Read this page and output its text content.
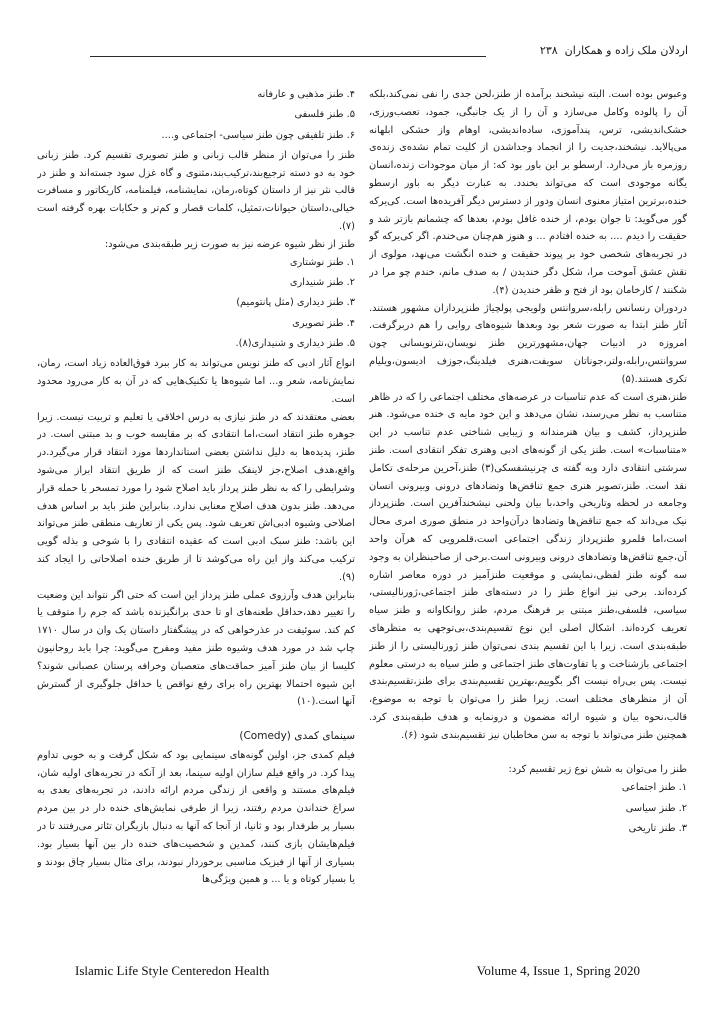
۲۳۸ اردلان ملک زاده و همکاران

وعبوس بوده است. البته نیشخند برآمده از طنز،لحن جدی را نفی نمی‌کند،بلکه آن را پالوده وکامل می‌سازد و آن را از یک جانبگی، جمود، تعصب‌ورزی، خشک‌اندیشی، ترس، پندآموزی، ساده‌اندیشی، اوهام واز خشکی ابلهانه می‌پالاید. نیشخند،جدیت را از انجماد وجداشدن از کلیت تمام نشده‌ی زنده‌ی روزمره باز می‌دارد. ارسطو بر این باور بود که: از میان موجودات زنده،انسان یگانه موجودی است که می‌تواند بخندد. به عبارت دیگر به باور ارسطو خنده،برترین امتیاز معنوی انسان ودور از دسترس دیگر آفریده‌ها است. کی‌یرکه گور می‌گوید: تا جوان بودم، از خنده غافل بودم، بعدها که چشمانم بازتر شد و حقیقت را دیدم .... به خنده افتادم ... و هنوز هم‌چنان می‌خندم. اگر کی‌یرکه گو در تجربه‌های شخصی خود بر پیوند حقیقت و خنده انگشت می‌نهد، مولوی از نقش عشق آموخت مرا، شکل دگر خندیدن / به صدف مانم، خندم چو مرا در شکنند / کارخامان بود از فتح و ظفر خندیدن (۴).

دردوران رنسانس رابله،سروانتس ولویجی پولچیاژ طنزپردازان مشهور هستند. آثار طنز ابتدا به صورت شعر بود وبعدها شیوه‌های روایی را هم دربرگرفت. امروزه در ادبیات جهان،مشهورترین طنز نویسان،نثرنویسانی چون سروانتس،رابله،ولتر،جوناتان سویفت،هنری فیلدینگ،جوزف ادیسون،ویلیام تکری هستند.(۵)

طنز،هنری است که عدم تناسبات در عرصه‌های مختلف اجتماعی را که در ظاهر متناسب به نظر می‌رسند، نشان می‌دهد و این خود مایه ی خنده می‌شود. هنر طنزپرداز، کشف و بیان هنرمندانه و زیبایی شناختی عدم تناسب در این «متناسبات» است. طنز یکی از گونه‌های ادبی وهنری تفکر انتقادی است. طنز سرشتی انتقادی دارد وبه گفته ی چرنیشفسکی(۳) طنز،آخرین مرحله‌ی تکامل نقد است. طنز،تصویر هنری جمع تناقض‌ها وتضادهای درونی وبیرونی انسان وجامعه در لحظه وتاریخی واحد،با بیان ولحنی نیشخندآفرین است. طنزپرداز نیک می‌داند که جمع تناقض‌ها وتضادها درآن‌واحد در منطق صوری امری محال است،اما قلمرو طنزپرداز زندگی اجتماعی است،قلمرویی که هرآن واحد آن،جمع تناقض‌ها وتضادهای درونی وبیرونی است.برخی از صاحبنظران به وجود سه گونه طنز لفظی،نمایشی و موقعیت طنزآمیز در دوره معاصر اشاره کرده‌اند. برخی نیز انواع طنز را در دسته‌های طنز اجتماعی،ژورنالیستی، سیاسی، فلسفی،طنز مبتنی بر فرهنگ مردم، طنز روانکاوانه و طنز سیاه تعریف کرده‌اند. اشکال اصلی این نوع تقسیم‌بندی،بی‌توجهی به منظرهای طبقه‌بندی است. زیرا با این تقسیم بندی نمی‌توان طنز ژورنالیستی را از طنز اجتماعی بازشناخت و یا تفاوت‌های طنز اجتماعی و طنز سیاه به درستی معلوم نیست. پس بی‌راه نیست اگر بگوییم،بهترین تقسیم‌بندی برای طنز،تقسیم‌بندی آن از منظرهای مختلف است. زیرا طنز را می‌توان با توجه به موضوع، قالب،نحوه بیان و شیوه ارائه مضمون و درونمایه و هدف طبقه‌بندی کرد. همچنین طنز می‌تواند با توجه به سن مخاطبان نیز تقسیم‌بندی شود (۶).

طنز را می‌توان به شش نوع زیر تقسیم کرد:

۱. طنز اجتماعی
۲. طنز سیاسی
۳. طنز تاریخی
۴. طنز مذهبی و عارفانه
۵. طنز فلسفی
۶. طنز تلفیقی چون طنز سیاسی- اجتماعی و....

طنز را می‌توان از منظر قالب زبانی و طنز تصویری تقسیم کرد. طنز زبانی خود به دو دسته ترجیع‌بند،ترکیب‌بند،مثنوی و گاه غزل سود جسته‌اند و طنز در قالب نثر نیز از داستان کوتاه،رمان، نمایشنامه، فیلمنامه، کاریکاتور و مسافرت خیالی،داستان حیوانات،تمثیل، کلمات قصار و کم‌تر و حکایات بهره گرفته است (۷).

طنز از نظر شیوه عرضه نیز به صورت زیر طبقه‌بندی می‌شود:

۱. طنز نوشتاری
۲. طنز شنیداری
۳. طنز دیداری (مثل پانتومیم)
۴. طنز تصویری
۵. طنز دیداری و شنیداری(۸).

انواع آثار ادبی که طنز نویس می‌تواند به کار ببرد فوق‌العاده زیاد است، رمان، نمایش‌نامه، شعر و... اما شیوه‌ها یا تکنیک‌هایی که در آن به کار می‌رود محدود است.

بعضی معتقدند که در طنز نیازی به درس اخلاقی یا تعلیم و تربیت نیست. زیرا جوهره طنز انتقاد است،اما انتقادی که بر مقایسه خوب و بد مبتنی است. در طنز، پدیده‌ها به دلیل نداشتن بعضی استانداردها مورد انتقاد قرار می‌گیرد.در واقع،هدف اصلاح،جز لاینفک طنز است که از طریق انتقاد ابراز می‌شود وشرایطی را که به نظر طنز پرداز باید اصلاح شود را مورد تمسخر یا حمله قرار می‌دهد. طنز بدون هدف اصلاح معنایی ندارد. بنابراین طنز باید بر اساس هدف اصلاحی وشیوه ادبی‌اش تعریف شود. پس یکی از تعاریف منطقی طنز می‌تواند این باشد: طنز سبک ادبی است که عقیده انتقادی را با شوخی و بذله گویی ترکیب می‌کند واز این راه می‌کوشد تا از طریق خنده اصلاحاتی را ایجاد کند (۹).

بنابراین هدف وآرزوی عملی طنز پرداز این است که حتی اگر نتواند این وضعیت را تغییر دهد،حداقل طعنه‌های او تا حدی برانگیزنده باشد که جرم را متوقف یا کم کند. سوئیفت در عذرخواهی که در پیشگفتار داستان یک وان در سال ۱۷۱۰ چاپ شد در مورد هدف وشیوه طنز مفید ومفرح می‌گوید: چرا باید روحانیون کلیسا از بیان طنز آمیز حماقت‌های متعصبان وخرافه پرستان عصبانی شوند؟ این شیوه احتمالا بهترین راه برای رفع نواقص یا حداقل جلوگیری از گسترش آنها است.(۱۰)

سینمای کمدی (Comedy)

فیلم کمدی جز، اولین گونه‌های سینمایی بود که شکل گرفت و به خوبی تداوم پیدا کرد. در واقع فیلم سازان اولیه سینما، بعد از آنکه در تجربه‌های اولیه شان، فیلم‌های مستند و واقعی از زندگی مردم ارائه دادند، در تجربه‌های بعدی به سراغ خنداندن مردم رفتند، زیرا از طرفی نمایش‌های خنده دار در بین مردم بسیار پر طرفدار بود و ثانیا، از آنجا که آنها به دنبال بازیگران تئاتر می‌رفتند تا در فیلم‌هایشان بازی کنند، کمدین و شخصیت‌های خنده دار بین آنها بسیار بود. بسیاری از آنها از فیزیک مناسبی برخوردار نبودند، برای مثال بسیار چاق بودند و یا بسیار کوتاه و یا ... و همین ویژگی‌ها

Islamic Life Style Centeredon Health	Volume 4, Issue 1, Spring 2020
